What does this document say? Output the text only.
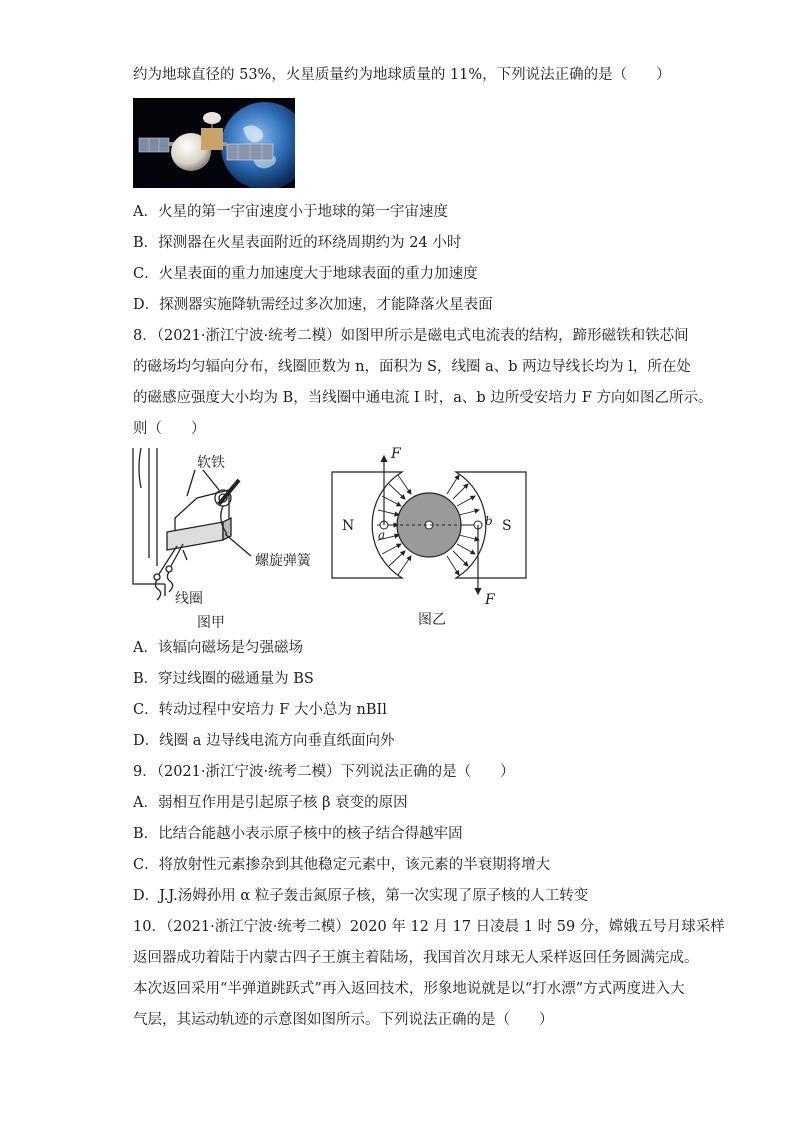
约为地球直径的 53%，火星质量约为地球质量的 11%，下列说法正确的是（　　）
A．火星的第一宇宙速度小于地球的第一宇宙速度
B．探测器在火星表面附近的环绕周期约为 24 小时
C．火星表面的重力加速度大于地球表面的重力加速度
D．探测器实施降轨需经过多次加速，才能降落火星表面
8．（2021·浙江宁波·统考二模）如图甲所示是磁电式电流表的结构，蹄形磁铁和铁芯间
的磁场均匀辐向分布，线圈匝数为 n，面积为 S，线圈 a、b 两边导线长均为 l，所在处
的磁感应强度大小均为 B，当线圈中通电流 I 时，a、b 边所受安培力 F 方向如图乙所示。
则（　　）
软铁
螺旋弹簧
线圈
图甲
N	S
F
F
a
b
图乙
A．该辐向磁场是匀强磁场
B．穿过线圈的磁通量为 BS
C．转动过程中安培力 F 大小总为 nBIl
D．线圈 a 边导线电流方向垂直纸面向外
9．（2021·浙江宁波·统考二模）下列说法正确的是（　　）
A．弱相互作用是引起原子核 β 衰变的原因
B．比结合能越小表示原子核中的核子结合得越牢固
C．将放射性元素掺杂到其他稳定元素中，该元素的半衰期将增大
D．J.J.汤姆孙用 α 粒子轰击氮原子核，第一次实现了原子核的人工转变
10．（2021·浙江宁波·统考二模）2020 年 12 月 17 日凌晨 1 时 59 分，嫦娥五号月球采样
返回器成功着陆于内蒙古四子王旗主着陆场，我国首次月球无人采样返回任务圆满完成。
本次返回采用“半弹道跳跃式”再入返回技术，形象地说就是以“打水漂”方式两度进入大
气层，其运动轨迹的示意图如图所示。下列说法正确的是（　　）
